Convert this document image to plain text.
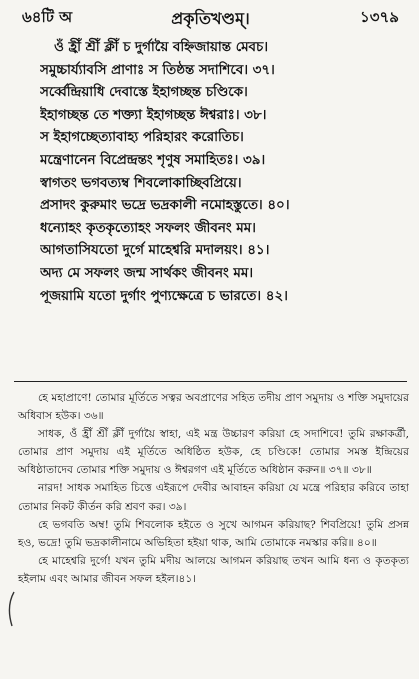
৬৪টি অ	প্রকৃতিখণ্ডম্।	১৩৭৯
ওঁ হ্রীঁ শ্রীঁ ক্লীঁ চ দুর্গায়ৈ বহ্নিজায়ান্ত মেবচ।
সমুচ্চার্য্যাবসি প্রাণাঃ স তিষ্ঠন্ত সদাশিবে। ৩৭।
সর্ব্বেন্দ্রিয়াধি দেবাস্তে ইহাগচ্ছন্ত চণ্ডিকে।
ইহাগচ্ছন্ত তে শক্ত্যা ইহাগচ্ছন্ত ঈশ্বরাঃ। ৩৮।
স ইহাগচ্ছেত্যাবাহ্য পরিহারং করোতিচ।
মন্ত্রেণানেন বিপ্রেন্দ্রন্তং শৃণুষ সমাহিতঃ। ৩৯।
স্বাগতং ভগবত্যম্ব শিবলোকাচ্ছিবপ্রিয়ে।
প্রসাদং কুরুমাং ভদ্রে ভদ্রকালী নমোহস্তুতে। ৪০।
ধন্যোহং কৃতকৃত্যোহং সফলং জীবনং মম।
আগতাসিযতো দুর্গে মাহেশ্বরি মদালয়ং। ৪১।
অদ্য মে সফলং জন্ম সার্থকং জীবনং মম।
পূজয়ামি যতো দুর্গাং পুণ্যক্ষেত্রে চ ভারতে। ৪২।

হে মহাপ্রাণে! তোমার মূর্তিতে সত্বর অবপ্রাণের সহিত তদীয় প্রাণ সমুদায় ও শক্তি সমুদায়ের অধিবাস হউক। ৩৬॥

সাধক, ওঁ হ্রীঁ শ্রীঁ ক্লীঁ দুর্গায়ৈ স্বাহা, এই মন্ত্র উচ্চারণ করিয়া হে সদাশিবে! তুমি রক্ষাকর্ত্রী, তোমার প্রাণ সমুদায় এই মূর্তিতে অধিষ্ঠিত হউক, হে চণ্ডিকে! তোমার সমস্ত ইন্দ্রিয়ের অধিষ্ঠাতাদেব তোমার শক্তি সমুদায় ও ঈশ্বরগণ এই মূর্তিতে অধিষ্ঠান করুন॥ ৩৭॥ ৩৮॥

নারদ! সাধক সমাহিত চিত্তে এইরূপে দেবীর আবাহন করিয়া যে মন্ত্রে পরিহার করিবে তাহা তোমার নিকট কীর্তন করি শ্রবণ কর। ৩৯।

হে ভগবতি অম্ব! তুমি শিবলোক হইতে ও সুখে আগমন করিয়াছ? শিবপ্রিয়ে! তুমি প্রসন্ন হও, ভদ্রে! তুমি ভদ্রকালীনামে অভিহিতা হইয়া থাক, আমি তোমাকে নমস্কার করি॥ ৪০॥

হে মাহেশ্বরি দুর্গে! যখন তুমি মদীয় আলয়ে আগমন করিয়াছ তখন আমি ধন্য ও কৃতকৃত্য হইলাম এবং আমার জীবন সফল হইল।৪১।
